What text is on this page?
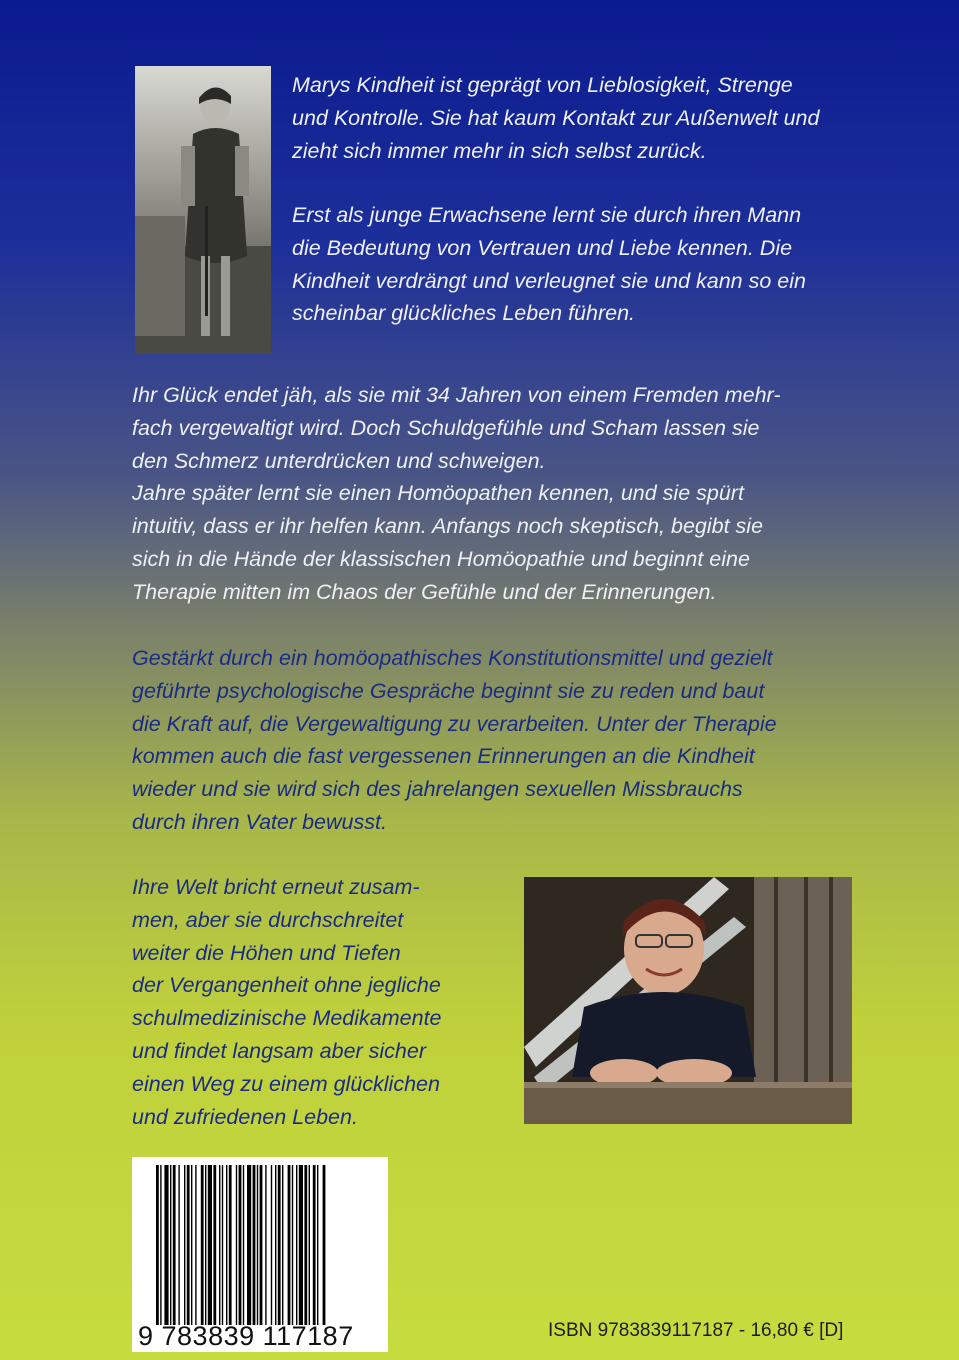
Marys Kindheit ist geprägt von Lieblosigkeit, Strenge
und Kontrolle. Sie hat kaum Kontakt zur Außenwelt und
zieht sich immer mehr in sich selbst zurück.

Erst als junge Erwachsene lernt sie durch ihren Mann
die Bedeutung von Vertrauen und Liebe kennen. Die
Kindheit verdrängt und verleugnet sie und kann so ein
scheinbar glückliches Leben führen.

Ihr Glück endet jäh, als sie mit 34 Jahren von einem Fremden mehr-
fach vergewaltigt wird. Doch Schuldgefühle und Scham lassen sie
den Schmerz unterdrücken und schweigen.
Jahre später lernt sie einen Homöopathen kennen, und sie spürt
intuitiv, dass er ihr helfen kann. Anfangs noch skeptisch, begibt sie
sich in die Hände der klassischen Homöopathie und beginnt eine
Therapie mitten im Chaos der Gefühle und der Erinnerungen.

Gestärkt durch ein homöopathisches Konstitutionsmittel und gezielt
geführte psychologische Gespräche beginnt sie zu reden und baut
die Kraft auf, die Vergewaltigung zu verarbeiten. Unter der Therapie
kommen auch die fast vergessenen Erinnerungen an die Kindheit
wieder und sie wird sich des jahrelangen sexuellen Missbrauchs
durch ihren Vater bewusst.

Ihre Welt bricht erneut zusam-
men, aber sie durchschreitet
weiter die Höhen und Tiefen
der Vergangenheit ohne jegliche
schulmedizinische Medikamente
und findet langsam aber sicher
einen Weg zu einem glücklichen
und zufriedenen Leben.

9 783839 117187	ISBN 9783839117187 - 16,80 € [D]
